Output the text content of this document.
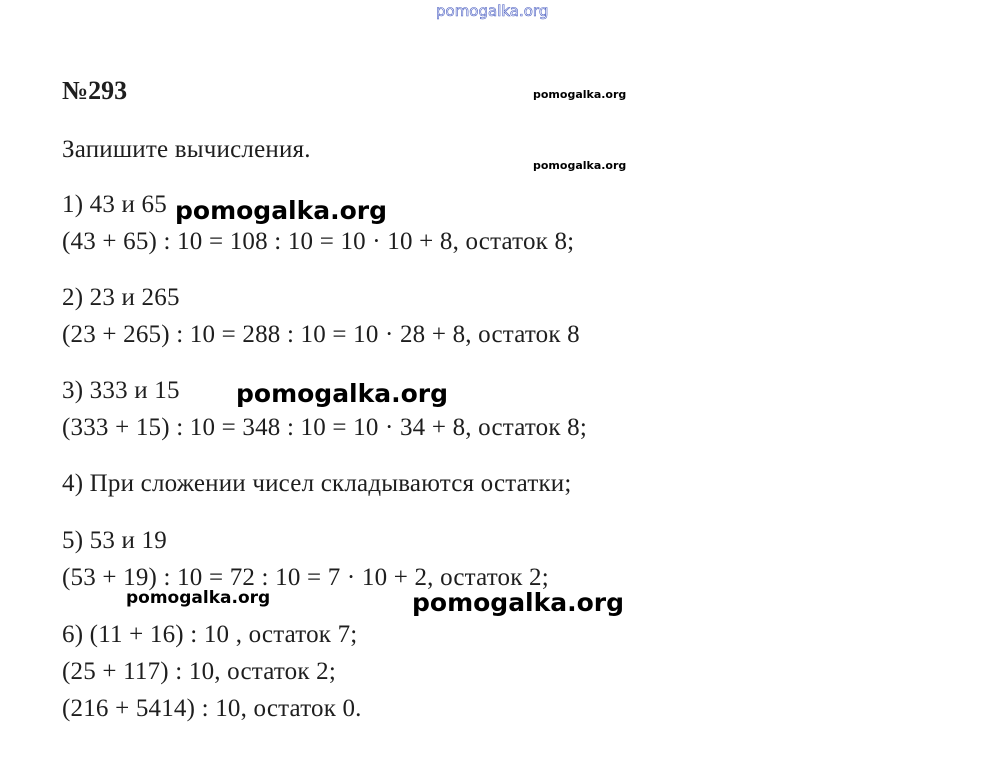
pomogalka.org
№293
Запишите вычисления.
1) 43 и 65
(43 + 65) : 10 = 108 : 10 = 10 · 10 + 8, остаток 8;
2) 23 и 265
(23 + 265) : 10 = 288 : 10 = 10 · 28 + 8, остаток 8
3) 333 и 15
(333 + 15) : 10 = 348 : 10 = 10 · 34 + 8, остаток 8;
4) При сложении чисел складываются остатки;
5) 53 и 19
(53 + 19) : 10 = 72 : 10 = 7 · 10 + 2, остаток 2;
6) (11 + 16) : 10 , остаток 7;
(25 + 117) : 10, остаток 2;
(216 + 5414) : 10, остаток 0.
pomogalka.org
pomogalka.org
pomogalka.org
pomogalka.org
pomogalka.org	pomogalka.org
